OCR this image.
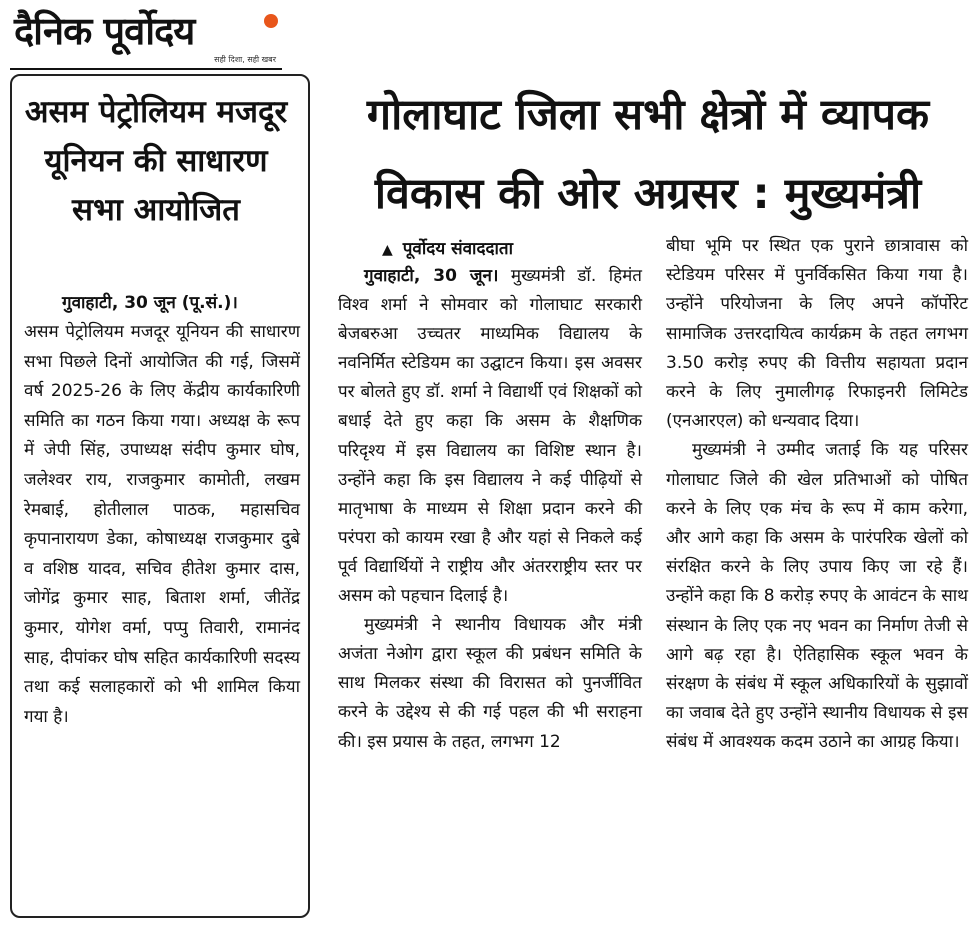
दैनिक पूर्वोदय
सही दिशा, सही खबर
असम पेट्रोलियम मजदूर यूनियन की साधारण सभा आयोजित
गुवाहाटी, 30 जून (पू.सं.)।

असम पेट्रोलियम मजदूर यूनियन की साधारण सभा पिछले दिनों आयोजित की गई, जिसमें वर्ष 2025-26 के लिए केंद्रीय कार्यकारिणी समिति का गठन किया गया। अध्यक्ष के रूप में जेपी सिंह, उपाध्यक्ष संदीप कुमार घोष, जलेश्वर राय, राजकुमार कामोती, लखम रेमबाई, होतीलाल पाठक, महासचिव कृपानारायण डेका, कोषाध्यक्ष राजकुमार दुबे व वशिष्ठ यादव, सचिव हीतेश कुमार दास, जोगेंद्र कुमार साह, बिताश शर्मा, जीतेंद्र कुमार, योगेश वर्मा, पप्पु तिवारी, रामानंद साह, दीपांकर घोष सहित कार्यकारिणी सदस्य तथा कई सलाहकारों को भी शामिल किया गया है।

गोलाघाट जिला सभी क्षेत्रों में व्यापक विकास की ओर अग्रसर : मुख्यमंत्री
▲ पूर्वोदय संवाददाता

गुवाहाटी, 30 जून। मुख्यमंत्री डॉ. हिमंत विश्व शर्मा ने सोमवार को गोलाघाट सरकारी बेजबरुआ उच्चतर माध्यमिक विद्यालय के नवनिर्मित स्टेडियम का उद्घाटन किया। इस अवसर पर बोलते हुए डॉ. शर्मा ने विद्यार्थी एवं शिक्षकों को बधाई देते हुए कहा कि असम के शैक्षणिक परिदृश्य में इस विद्यालय का विशिष्ट स्थान है। उन्होंने कहा कि इस विद्यालय ने कई पीढ़ियों से मातृभाषा के माध्यम से शिक्षा प्रदान करने की परंपरा को कायम रखा है और यहां से निकले कई पूर्व विद्यार्थियों ने राष्ट्रीय और अंतरराष्ट्रीय स्तर पर असम को पहचान दिलाई है।

मुख्यमंत्री ने स्थानीय विधायक और मंत्री अजंता नेओग द्वारा स्कूल की प्रबंधन समिति के साथ मिलकर संस्था की विरासत को पुनर्जीवित करने के उद्देश्य से की गई पहल की भी सराहना की। इस प्रयास के तहत, लगभग 12

बीघा भूमि पर स्थित एक पुराने छात्रावास को स्टेडियम परिसर में पुनर्विकसित किया गया है। उन्होंने परियोजना के लिए अपने कॉर्पोरेट सामाजिक उत्तरदायित्व कार्यक्रम के तहत लगभग 3.50 करोड़ रुपए की वित्तीय सहायता प्रदान करने के लिए नुमालीगढ़ रिफाइनरी लिमिटेड (एनआरएल) को धन्यवाद दिया।

मुख्यमंत्री ने उम्मीद जताई कि यह परिसर गोलाघाट जिले की खेल प्रतिभाओं को पोषित करने के लिए एक मंच के रूप में काम करेगा, और आगे कहा कि असम के पारंपरिक खेलों को संरक्षित करने के लिए उपाय किए जा रहे हैं। उन्होंने कहा कि 8 करोड़ रुपए के आवंटन के साथ संस्थान के लिए एक नए भवन का निर्माण तेजी से आगे बढ़ रहा है। ऐतिहासिक स्कूल भवन के संरक्षण के संबंध में स्कूल अधिकारियों के सुझावों का जवाब देते हुए उन्होंने स्थानीय विधायक से इस संबंध में आवश्यक कदम उठाने का आग्रह किया।
